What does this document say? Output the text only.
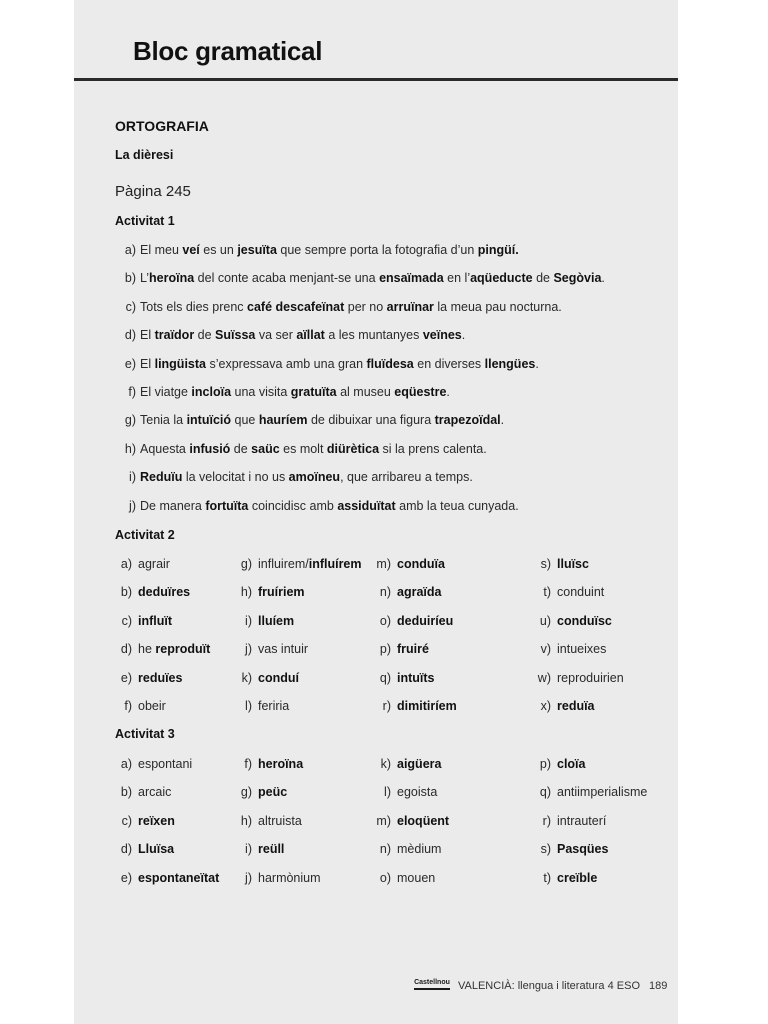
Bloc gramatical
ORTOGRAFIA
La dièresi
Pàgina 245
Activitat 1
a) El meu veí es un jesuïta que sempre porta la fotografia d’un pingüí.
b) L’heroïna del conte acaba menjant-se una ensaïmada en l’aqüeducte de Segòvia.
c) Tots els dies prenc café descafeïnat per no arruïnar la meua pau nocturna.
d) El traïdor de Suïssa va ser aïllat a les muntanyes veïnes.
e) El lingüista s’expressava amb una gran fluïdesa en diverses llengües.
f) El viatge incloïa una visita gratuïta al museu eqüestre.
g) Tenia la intuïció que hauríem de dibuixar una figura trapezoïdal.
h) Aquesta infusió de saüc es molt diürètica si la prens calenta.
i) Reduïu la velocitat i no us amoïneu, que arribareu a temps.
j) De manera fortuïta coincidisc amb assiduïtat amb la teua cunyada.
Activitat 2
a) agrair
b) deduïres
c) influït
d) he reproduït
e) reduïes
f) obeir
g) influirem/influírem
h) fruíriem
i) lluíem
j) vas intuir
k) conduí
l) feriria
m) conduïa
n) agraïda
o) deduiríeu
p) fruiré
q) intuïts
r) dimitiríem
s) lluïsc
t) conduint
u) conduïsc
v) intueixes
w) reproduirien
x) reduïa
Activitat 3
a) espontani
b) arcaic
c) reïxen
d) Lluïsa
e) espontaneïtat
f) heroïna
g) peüc
h) altruista
i) reüll
j) harmònium
k) aigüera
l) egoista
m) eloqüent
n) mèdium
o) mouen
p) cloïa
q) antiimperialisme
r) intrauterí
s) Pasqües
t) creïble
Castellnou VALENCIÀ: llengua i literatura 4 ESO 189
